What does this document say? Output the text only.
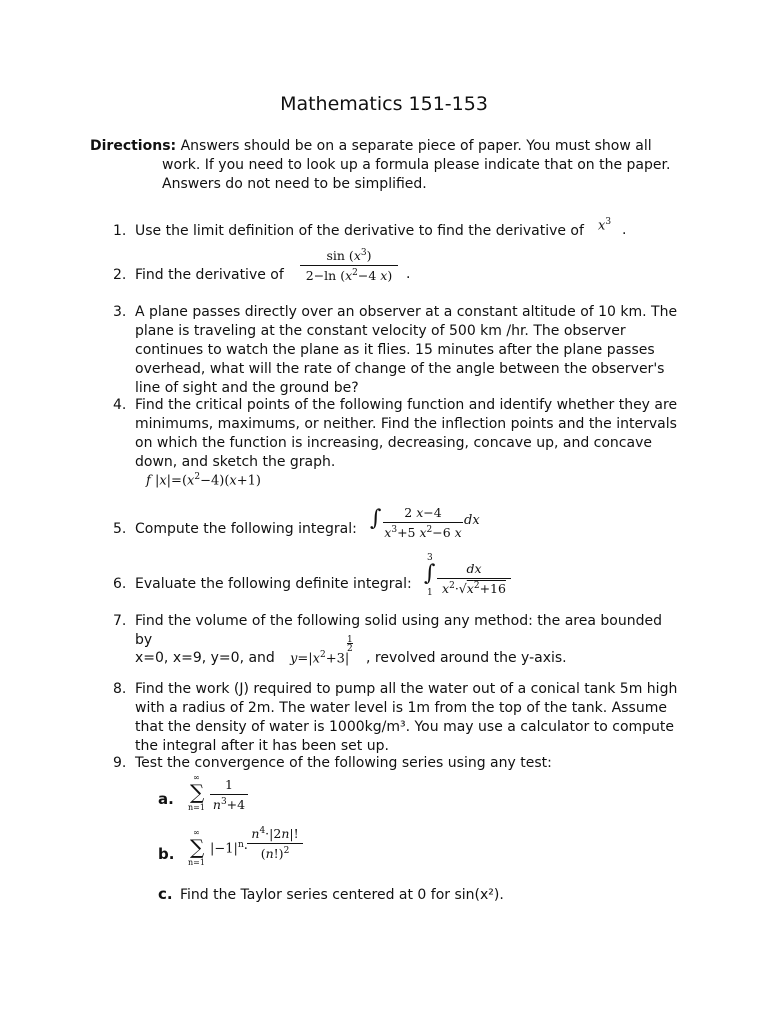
Mathematics 151-153
Directions: Answers should be on a separate piece of paper. You must show all
work. If you need to look up a formula please indicate that on the paper.
Answers do not need to be simplified.
1. Use the limit definition of the derivative to find the derivative of	$x^3$ .
2. Find the derivative of	$\frac{\sin (x^3)}{2-\ln (x^2-4 x)}$ .
3. A plane passes directly over an observer at a constant altitude of 10 km. The plane is traveling at the constant velocity of 500 km /hr. The observer continues to watch the plane as it flies. 15 minutes after the plane passes overhead, what will the rate of change of the angle between the observer's line of sight and the ground be?
4. Find the critical points of the following function and identify whether they are minimums, maximums, or neither. Find the inflection points and the intervals on which the function is increasing, decreasing, concave up, and concave down, and sketch the graph.
f $|x|=(x^2-4)(x+1)$
5. Compute the following integral: ∫ $\frac{2 x-4}{x^3+5 x^2-6 x}$ dx
6. Evaluate the following definite integral:
3
∫
$1 \frac{dx}{x^2\cdot√x^2+16}$
7. Find the volume of the following solid using any method: the area bounded by
x=0, x=9, y=0, and $y=|x^2+3|$
1
2
, revolved around the y-axis.
8. Find the work (J) required to pump all the water out of a conical tank 5m high with a radius of 2m. The water level is 1m from the top of the tank. Assume that the density of water is 1000kg/m³. You may use a calculator to compute the integral after it has been set up.
9. Test the convergence of the following series using any test:
a.
∞
∑
$n=1 \frac{1}{n^3+4}$
b.
∞
∑
n=1
$|-1|^n\cdot \frac{n^4\cdot|2n|!}{(n!)^2}$
c. Find the Taylor series centered at 0 for sin(x²).
